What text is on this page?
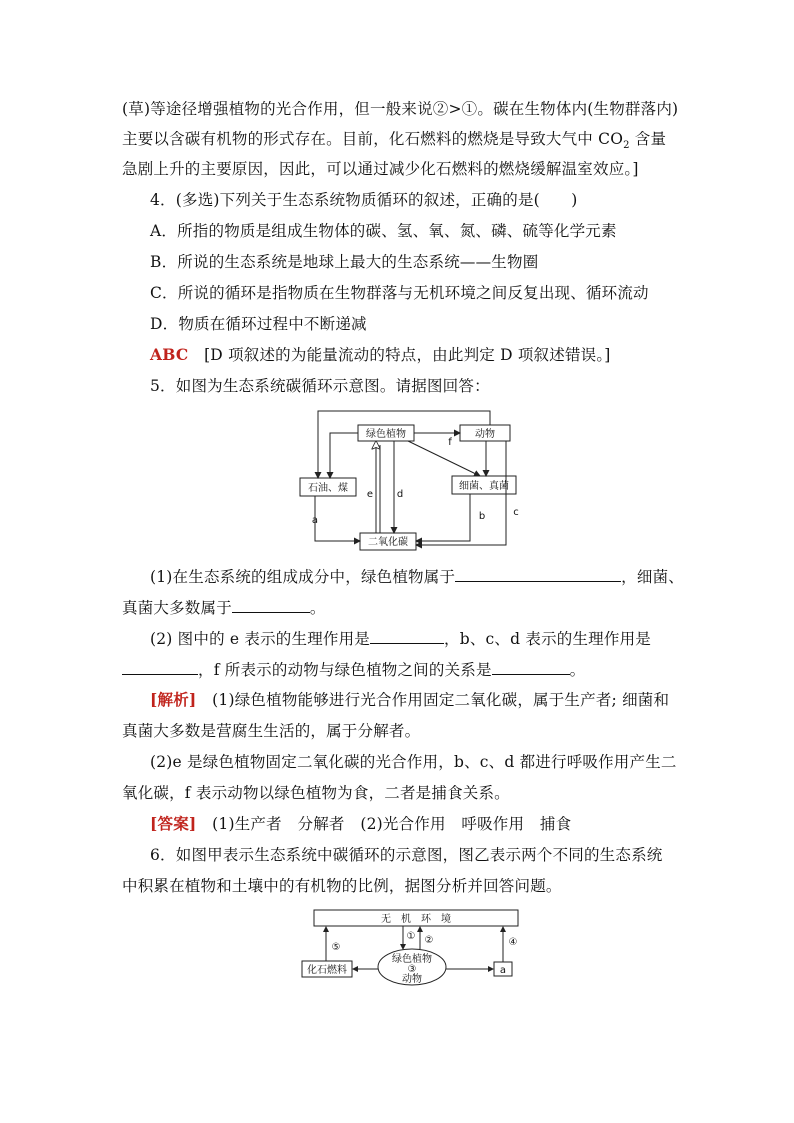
(草)等途径增强植物的光合作用，但一般来说②>①。碳在生物体内(生物群落内)
主要以含碳有机物的形式存在。目前，化石燃料的燃烧是导致大气中 $CO_2$ 含量
急剧上升的主要原因，因此，可以通过减少化石燃料的燃烧缓解温室效应。]
4．(多选)下列关于生态系统物质循环的叙述，正确的是(　　)
A．所指的物质是组成生物体的碳、氢、氧、氮、磷、硫等化学元素
B．所说的生态系统是地球上最大的生态系统——生物圈
C．所说的循环是指物质在生物群落与无机环境之间反复出现、循环流动
D．物质在循环过程中不断递减
ABC　 [D 项叙述的为能量流动的特点，由此判定 D 项叙述错误。]
5．如图为生态系统碳循环示意图。请据图回答：
绿色植物	动物
石油、煤	细菌、真菌
二氧化碳
f
e d
a	b	c
(1)在生态系统的组成成分中，绿色植物属于	，细菌、
真菌大多数属于	。
(2) 图中的 e 表示的生理作用是	，b、c、d 表示的生理作用是
，f 所表示的动物与绿色植物之间的关系是	。
[解析]　(1)绿色植物能够进行光合作用固定二氧化碳，属于生产者; 细菌和
真菌大多数是营腐生生活的，属于分解者。
(2)e 是绿色植物固定二氧化碳的光合作用，b、c、d 都进行呼吸作用产生二
氧化碳，f 表示动物以绿色植物为食，二者是捕食关系。
[答案]　(1)生产者　分解者　(2)光合作用　呼吸作用　捕食
6．如图甲表示生态系统中碳循环的示意图，图乙表示两个不同的生态系统
中积累在植物和土壤中的有机物的比例，据图分析并回答问题。
无　机　环　境
化石燃料
绿色植物
③
动物
a
⑤
① ②	④
